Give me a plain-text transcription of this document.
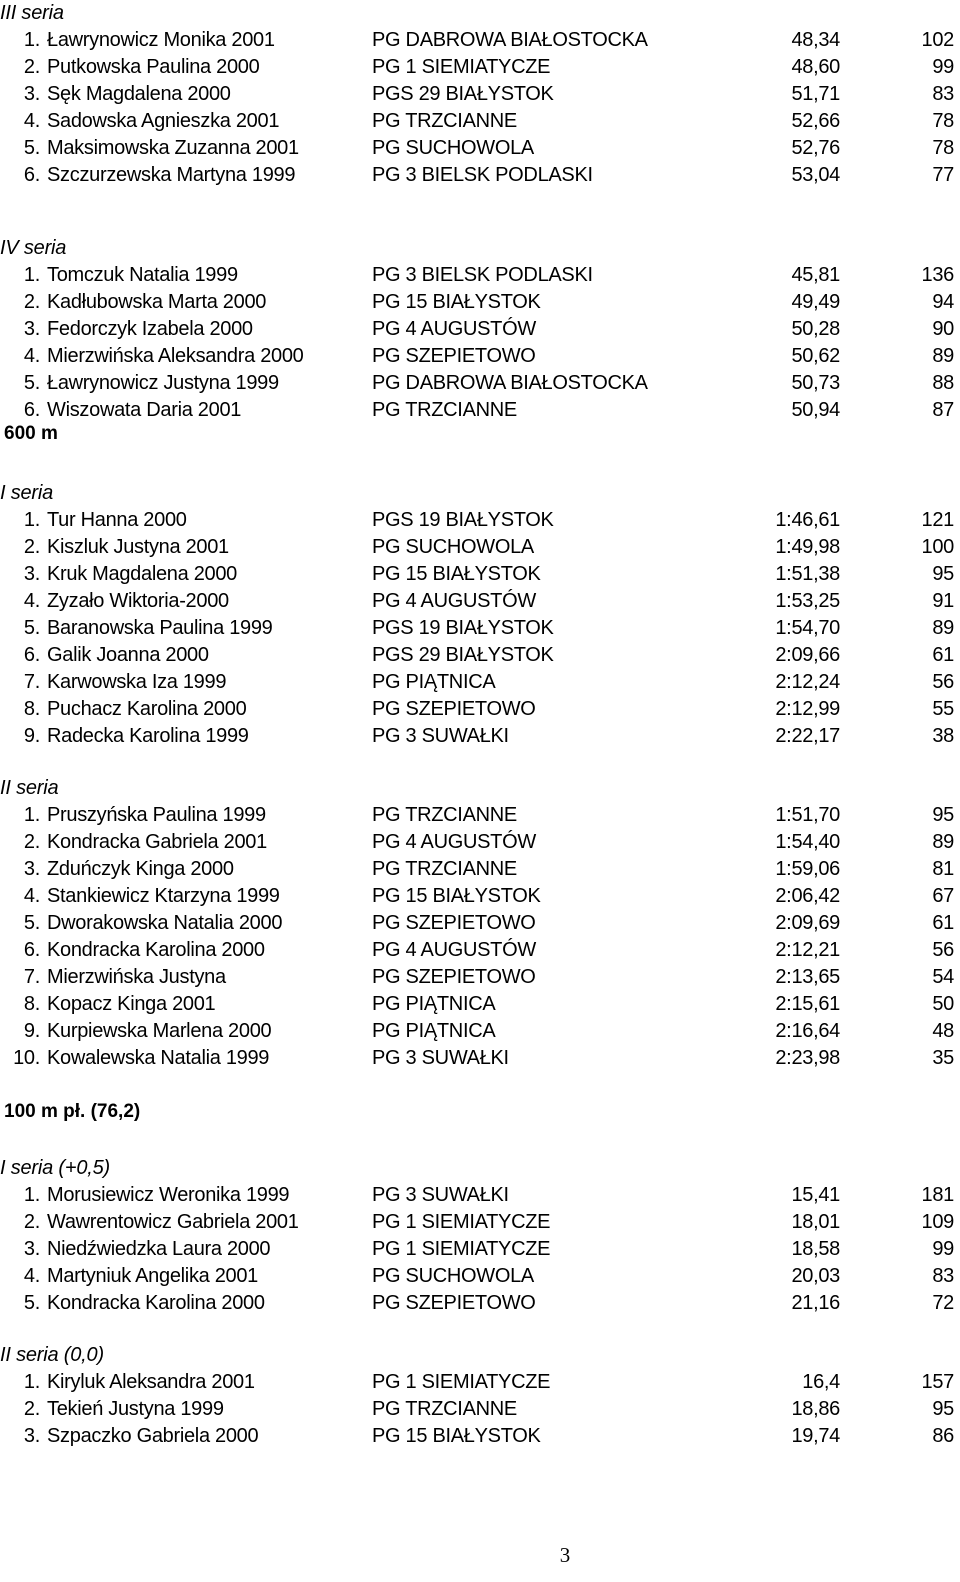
III seria
1. Ławrynowicz Monika 2001	PG DABROWA BIAŁOSTOCKA	48,34	102
2. Putkowska Paulina 2000	PG 1 SIEMIATYCZE	48,60	99
3. Sęk Magdalena 2000	PGS 29 BIAŁYSTOK	51,71	83
4. Sadowska Agnieszka 2001	PG TRZCIANNE	52,66	78
5. Maksimowska Zuzanna 2001	PG SUCHOWOLA	52,76	78
6. Szczurzewska Martyna 1999	PG 3 BIELSK PODLASKI	53,04	77
IV seria
1. Tomczuk Natalia 1999	PG 3 BIELSK PODLASKI	45,81	136
2. Kadłubowska Marta 2000	PG 15 BIAŁYSTOK	49,49	94
3. Fedorczyk Izabela 2000	PG 4 AUGUSTÓW	50,28	90
4. Mierzwińska Aleksandra 2000	PG SZEPIETOWO	50,62	89
5. Ławrynowicz Justyna 1999	PG DABROWA BIAŁOSTOCKA	50,73	88
6. Wiszowata Daria 2001	PG TRZCIANNE	50,94	87
600 m
I seria
1. Tur Hanna 2000	PGS 19 BIAŁYSTOK	1:46,61	121
2. Kiszluk Justyna 2001	PG SUCHOWOLA	1:49,98	100
3. Kruk Magdalena 2000	PG 15 BIAŁYSTOK	1:51,38	95
4. Zyzało Wiktoria-2000	PG 4 AUGUSTÓW	1:53,25	91
5. Baranowska Paulina 1999	PGS 19 BIAŁYSTOK	1:54,70	89
6. Galik Joanna 2000	PGS 29 BIAŁYSTOK	2:09,66	61
7. Karwowska Iza 1999	PG PIĄTNICA	2:12,24	56
8. Puchacz Karolina 2000	PG SZEPIETOWO	2:12,99	55
9. Radecka Karolina 1999	PG 3 SUWAŁKI	2:22,17	38
II seria
1. Pruszyńska Paulina 1999	PG TRZCIANNE	1:51,70	95
2. Kondracka Gabriela 2001	PG 4 AUGUSTÓW	1:54,40	89
3. Zduńczyk Kinga 2000	PG TRZCIANNE	1:59,06	81
4. Stankiewicz Ktarzyna 1999	PG 15 BIAŁYSTOK	2:06,42	67
5. Dworakowska Natalia 2000	PG SZEPIETOWO	2:09,69	61
6. Kondracka Karolina 2000	PG 4 AUGUSTÓW	2:12,21	56
7. Mierzwińska Justyna	PG SZEPIETOWO	2:13,65	54
8. Kopacz Kinga 2001	PG PIĄTNICA	2:15,61	50
9. Kurpiewska Marlena 2000	PG PIĄTNICA	2:16,64	48
10. Kowalewska Natalia 1999	PG 3 SUWAŁKI	2:23,98	35
100 m pł. (76,2)
I seria (+0,5)
1. Morusiewicz Weronika 1999	PG 3 SUWAŁKI	15,41	181
2. Wawrentowicz Gabriela 2001	PG 1 SIEMIATYCZE	18,01	109
3. Niedźwiedzka Laura 2000	PG 1 SIEMIATYCZE	18,58	99
4. Martyniuk Angelika 2001	PG SUCHOWOLA	20,03	83
5. Kondracka Karolina 2000	PG SZEPIETOWO	21,16	72
II seria (0,0)
1. Kiryluk Aleksandra 2001	PG 1 SIEMIATYCZE	16,4	157
2. Tekień Justyna 1999	PG TRZCIANNE	18,86	95
3. Szpaczko Gabriela 2000	PG 15 BIAŁYSTOK	19,74	86
3
